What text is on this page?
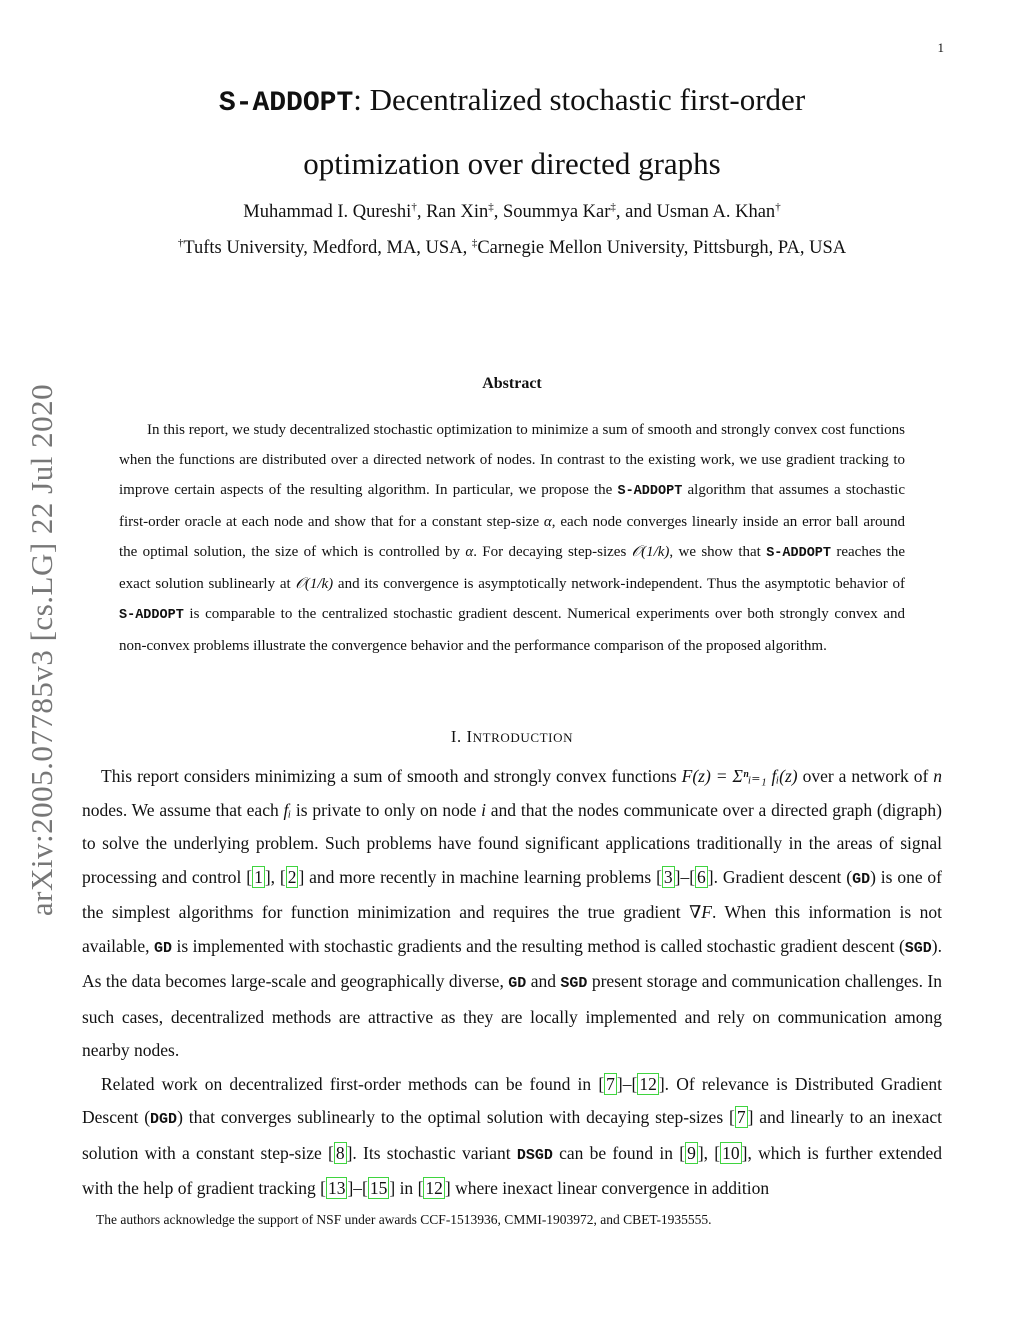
1
arXiv:2005.07785v3 [cs.LG] 22 Jul 2020
S-ADDOPT: Decentralized stochastic first-order
optimization over directed graphs
Muhammad I. Qureshi†, Ran Xin‡, Soummya Kar‡, and Usman A. Khan†
†Tufts University, Medford, MA, USA, ‡Carnegie Mellon University, Pittsburgh, PA, USA
Abstract

In this report, we study decentralized stochastic optimization to minimize a sum of smooth and strongly convex cost functions when the functions are distributed over a directed network of nodes. In contrast to the existing work, we use gradient tracking to improve certain aspects of the resulting algorithm. In particular, we propose the S-ADDOPT algorithm that assumes a stochastic first-order oracle at each node and show that for a constant step-size α, each node converges linearly inside an error ball around the optimal solution, the size of which is controlled by α. For decaying step-sizes 𝒪(1/k), we show that S-ADDOPT reaches the exact solution sublinearly at 𝒪(1/k) and its convergence is asymptotically network-independent. Thus the asymptotic behavior of S-ADDOPT is comparable to the centralized stochastic gradient descent. Numerical experiments over both strongly convex and non-convex problems illustrate the convergence behavior and the performance comparison of the proposed algorithm.

I. INTRODUCTION

This report considers minimizing a sum of smooth and strongly convex functions F(z) = Σⁿᵢ₌₁ fᵢ(z) over a network of n nodes. We assume that each fᵢ is private to only on node i and that the nodes communicate over a directed graph (digraph) to solve the underlying problem. Such problems have found significant applications traditionally in the areas of signal processing and control [ 1 ], [ 2 ] and more recently in machine learning problems [ 3 ]–[ 6 ]. Gradient descent (GD) is one of the simplest algorithms for function minimization and requires the true gradient ∇F. When this information is not available, GD is implemented with stochastic gradients and the resulting method is called stochastic gradient descent (SGD). As the data becomes large-scale and geographically diverse, GD and SGD present storage and communication challenges. In such cases, decentralized methods are attractive as they are locally implemented and rely on communication among nearby nodes.

Related work on decentralized first-order methods can be found in [ 7 ]–[ 12 ]. Of relevance is Distributed Gradient Descent (DGD) that converges sublinearly to the optimal solution with decaying step-sizes [ 7 ] and linearly to an inexact solution with a constant step-size [ 8 ]. Its stochastic variant DSGD can be found in [ 9 ], [ 10 ], which is further extended with the help of gradient tracking [ 13 ]–[ 15 ] in [ 12 ] where inexact linear convergence in addition

The authors acknowledge the support of NSF under awards CCF-1513936, CMMI-1903972, and CBET-1935555.
